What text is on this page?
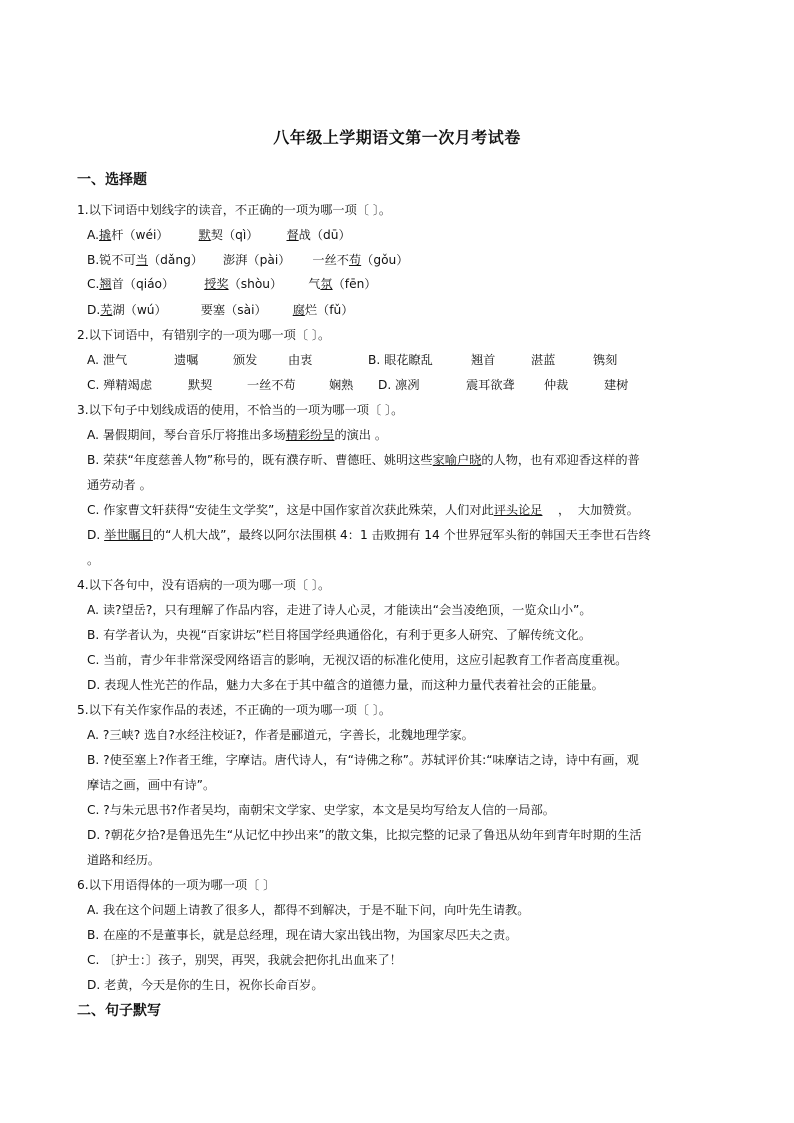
八年级上学期语文第一次月考试卷
一、选择题
1.以下词语中划线字的读音，不正确的一项为哪一项〔 〕。
A.撬杆（wéi） 默契（qì） 督战（dū）
B.锐不可当（dǎng） 澎湃（pài） 一丝不苟（gǒu）
C.翘首（qiáo） 授奖（shòu） 气氛（fēn）
D.芜湖（wú）	要塞（sài） 腐烂（fǔ）
2.以下词语中，有错别字的一项为哪一项〔 〕。
A. 泄气	遗嘱	颁发	由衷	B. 眼花瞭乱	翘首	湛蓝	镌刻
C. 殚精竭虑	默契	一丝不苟	娴熟 D. 凛冽	震耳欲聋 仲裁	建树
3.以下句子中划线成语的使用，不恰当的一项为哪一项〔 〕。
A. 暑假期间，琴台音乐厅将推出多场精彩纷呈的演出 。
B. 荣获“年度慈善人物”称号的，既有濮存昕、曹德旺、姚明这些家喻户晓的人物，也有邓迎香这样的普
通劳动者 。
C. 作家曹文轩获得“安徒生文学奖”，这是中国作家首次获此殊荣，人们对此评头论足    ，  大加赞赏。
D. 举世瞩目的“人机大战”，最终以阿尔法围棋 4：1 击败拥有 14 个世界冠军头衔的韩国天王李世石告终
。
4.以下各句中，没有语病的一项为哪一项〔 〕。
A. 读?望岳?，只有理解了作品内容，走进了诗人心灵，才能读出“会当凌绝顶，一览众山小”。
B. 有学者认为，央视“百家讲坛”栏目将国学经典通俗化，有利于更多人研究、了解传统文化。
C. 当前，青少年非常深受网络语言的影响，无视汉语的标准化使用，这应引起教育工作者高度重视。
D. 表现人性光芒的作品，魅力大多在于其中蕴含的道德力量，而这种力量代表着社会的正能量。
5.以下有关作家作品的表述，不正确的一项为哪一项〔 〕。
A. ?三峡? 选自?水经注校证?，作者是郦道元，字善长，北魏地理学家。
B. ?使至塞上?作者王维，字摩诘。唐代诗人，有“诗佛之称”。苏轼评价其:“味摩诘之诗，诗中有画，观
摩诘之画，画中有诗”。
C. ?与朱元思书?作者吴均，南朝宋文学家、史学家，本文是吴均写给友人信的一局部。
D. ?朝花夕拾?是鲁迅先生“从记忆中抄出来”的散文集，比拟完整的记录了鲁迅从幼年到青年时期的生活
道路和经历。
6.以下用语得体的一项为哪一项〔 〕
A. 我在这个问题上请教了很多人，都得不到解决，于是不耻下问，向叶先生请教。
B. 在座的不是董事长，就是总经理，现在请大家出钱出物，为国家尽匹夫之责。
C. 〔护士：〕孩子，别哭，再哭，我就会把你扎出血来了！
D. 老黄，今天是你的生日，祝你长命百岁。
二、句子默写
